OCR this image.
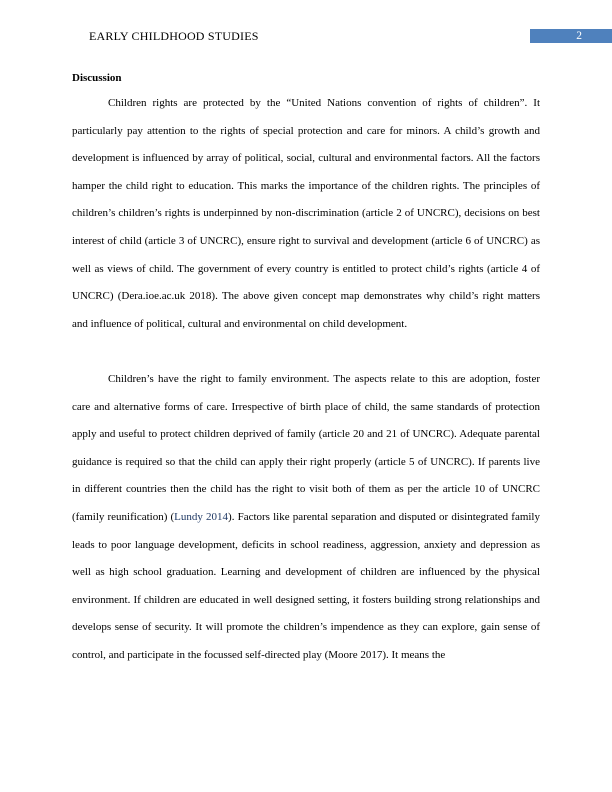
EARLY CHILDHOOD STUDIES	2
Discussion

Children rights are protected by the “United Nations convention of rights of children”. It particularly pay attention to the rights of special protection and care for minors. A child’s growth and development is influenced by array of political, social, cultural and environmental factors. All the factors hamper the child right to education. This marks the importance of the children rights. The principles of children’s children’s rights is underpinned by non-discrimination (article 2 of UNCRC), decisions on best interest of child (article 3 of UNCRC), ensure right to survival and development (article 6 of UNCRC) as well as views of child. The government of every country is entitled to protect child’s rights (article 4 of UNCRC) (Dera.ioe.ac.uk 2018). The above given concept map demonstrates why child’s right matters and influence of political, cultural and environmental on child development.

Children’s have the right to family environment. The aspects relate to this are adoption, foster care and alternative forms of care. Irrespective of birth place of child, the same standards of protection apply and useful to protect children deprived of family (article 20 and 21 of UNCRC). Adequate parental guidance is required so that the child can apply their right properly (article 5 of UNCRC). If parents live in different countries then the child has the right to visit both of them as per the article 10 of UNCRC (family reunification) (Lundy 2014). Factors like parental separation and disputed or disintegrated family leads to poor language development, deficits in school readiness, aggression, anxiety and depression as well as high school graduation. Learning and development of children are influenced by the physical environment. If children are educated in well designed setting, it fosters building strong relationships and develops sense of security. It will promote the children’s impendence as they can explore, gain sense of control, and participate in the focussed self-directed play (Moore 2017). It means the
